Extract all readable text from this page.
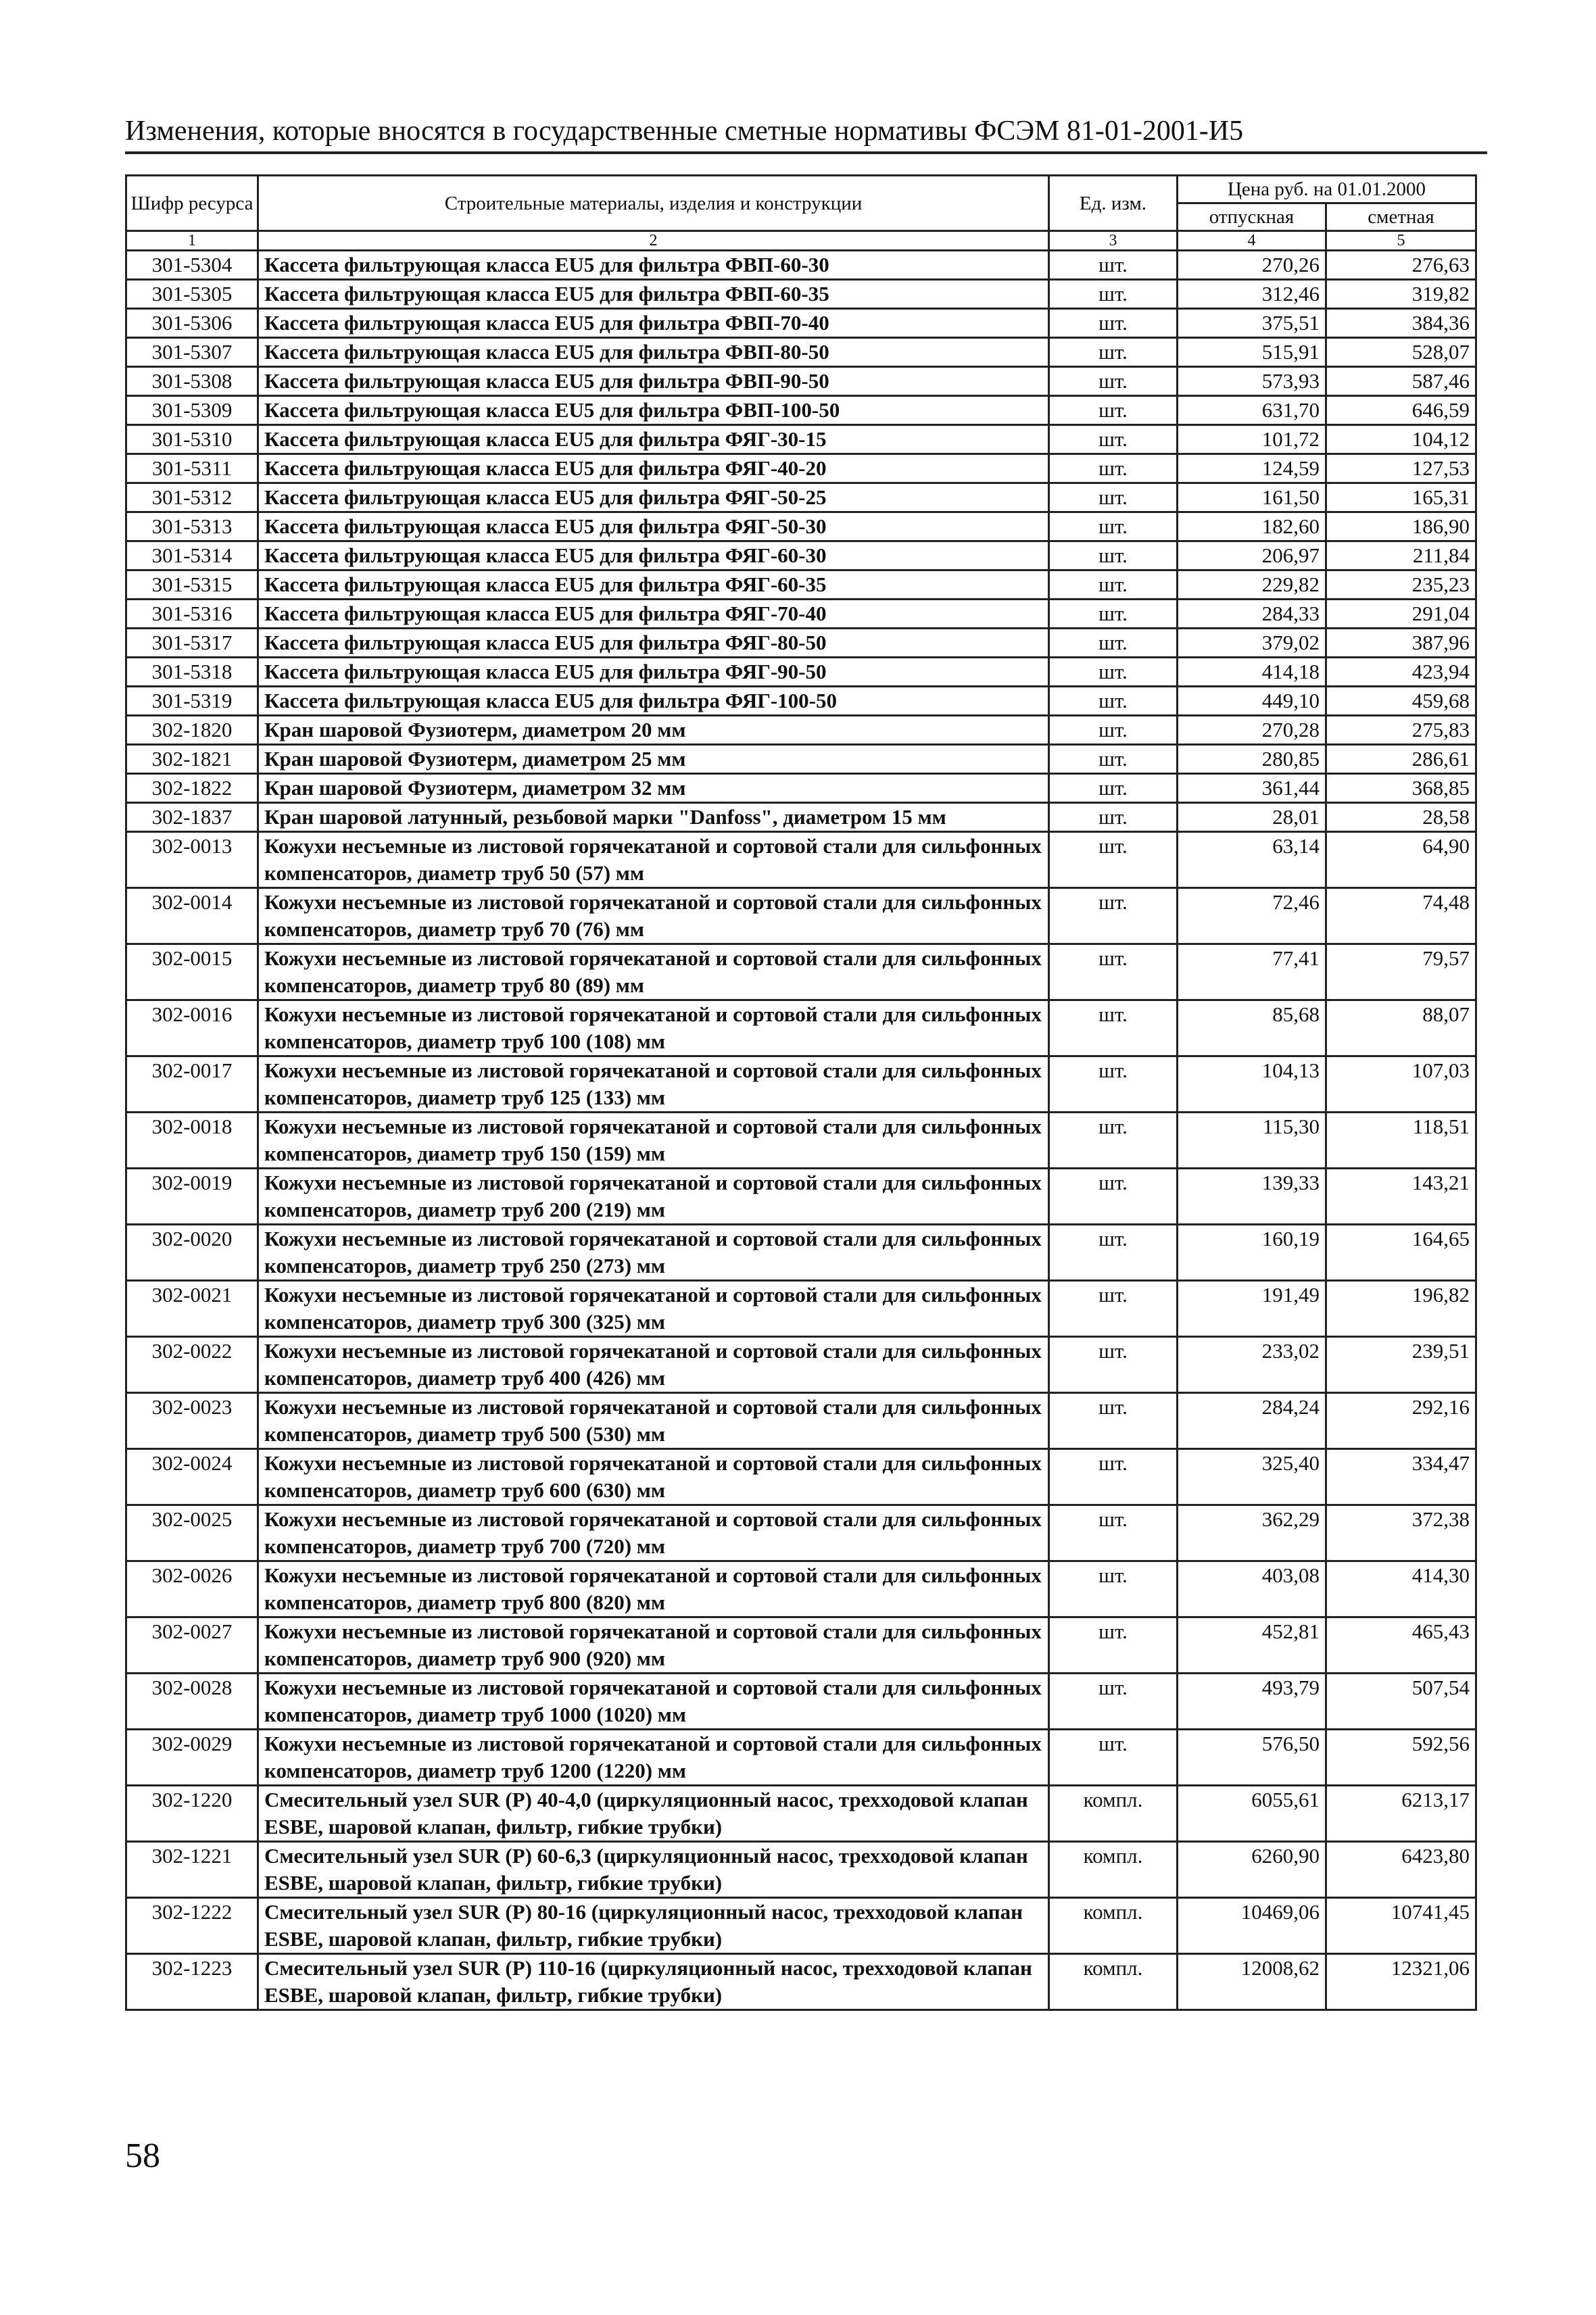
Изменения, которые вносятся в государственные сметные нормативы ФСЭМ 81-01-2001-И5
Шифр ресурса	Строительные материалы, изделия и конструкции	Ед. изм.	Цена руб. на 01.01.2000	
			отпускная	сметная
1	2	3	4	5
301-5304	Кассета фильтрующая класса EU5 для фильтра ФВП-60-30	шт.	270,26	276,63
301-5305	Кассета фильтрующая класса EU5 для фильтра ФВП-60-35	шт.	312,46	319,82
301-5306	Кассета фильтрующая класса EU5 для фильтра ФВП-70-40	шт.	375,51	384,36
301-5307	Кассета фильтрующая класса EU5 для фильтра ФВП-80-50	шт.	515,91	528,07
301-5308	Кассета фильтрующая класса EU5 для фильтра ФВП-90-50	шт.	573,93	587,46
301-5309	Кассета фильтрующая класса EU5 для фильтра ФВП-100-50	шт.	631,70	646,59
301-5310	Кассета фильтрующая класса EU5 для фильтра ФЯГ-30-15	шт.	101,72	104,12
301-5311	Кассета фильтрующая класса EU5 для фильтра ФЯГ-40-20	шт.	124,59	127,53
301-5312	Кассета фильтрующая класса EU5 для фильтра ФЯГ-50-25	шт.	161,50	165,31
301-5313	Кассета фильтрующая класса EU5 для фильтра ФЯГ-50-30	шт.	182,60	186,90
301-5314	Кассета фильтрующая класса EU5 для фильтра ФЯГ-60-30	шт.	206,97	211,84
301-5315	Кассета фильтрующая класса EU5 для фильтра ФЯГ-60-35	шт.	229,82	235,23
301-5316	Кассета фильтрующая класса EU5 для фильтра ФЯГ-70-40	шт.	284,33	291,04
301-5317	Кассета фильтрующая класса EU5 для фильтра ФЯГ-80-50	шт.	379,02	387,96
301-5318	Кассета фильтрующая класса EU5 для фильтра ФЯГ-90-50	шт.	414,18	423,94
301-5319	Кассета фильтрующая класса EU5 для фильтра ФЯГ-100-50	шт.	449,10	459,68
302-1820	Кран шаровой Фузиотерм, диаметром 20 мм	шт.	270,28	275,83
302-1821	Кран шаровой Фузиотерм, диаметром 25 мм	шт.	280,85	286,61
302-1822	Кран шаровой Фузиотерм, диаметром 32 мм	шт.	361,44	368,85
302-1837	Кран шаровой латунный, резьбовой марки "Danfoss", диаметром 15 мм	шт.	28,01	28,58
302-0013	Кожухи несъемные из листовой горячекатаной и сортовой стали для сильфонных компенсаторов, диаметр труб 50 (57) мм	шт.	63,14	64,90
302-0014	Кожухи несъемные из листовой горячекатаной и сортовой стали для сильфонных компенсаторов, диаметр труб 70 (76) мм	шт.	72,46	74,48
302-0015	Кожухи несъемные из листовой горячекатаной и сортовой стали для сильфонных компенсаторов, диаметр труб 80 (89) мм	шт.	77,41	79,57
302-0016	Кожухи несъемные из листовой горячекатаной и сортовой стали для сильфонных компенсаторов, диаметр труб 100 (108) мм	шт.	85,68	88,07
302-0017	Кожухи несъемные из листовой горячекатаной и сортовой стали для сильфонных компенсаторов, диаметр труб 125 (133) мм	шт.	104,13	107,03
302-0018	Кожухи несъемные из листовой горячекатаной и сортовой стали для сильфонных компенсаторов, диаметр труб 150 (159) мм	шт.	115,30	118,51
302-0019	Кожухи несъемные из листовой горячекатаной и сортовой стали для сильфонных компенсаторов, диаметр труб 200 (219) мм	шт.	139,33	143,21
302-0020	Кожухи несъемные из листовой горячекатаной и сортовой стали для сильфонных компенсаторов, диаметр труб 250 (273) мм	шт.	160,19	164,65
302-0021	Кожухи несъемные из листовой горячекатаной и сортовой стали для сильфонных компенсаторов, диаметр труб 300 (325) мм	шт.	191,49	196,82
302-0022	Кожухи несъемные из листовой горячекатаной и сортовой стали для сильфонных компенсаторов, диаметр труб 400 (426) мм	шт.	233,02	239,51
302-0023	Кожухи несъемные из листовой горячекатаной и сортовой стали для сильфонных компенсаторов, диаметр труб 500 (530) мм	шт.	284,24	292,16
302-0024	Кожухи несъемные из листовой горячекатаной и сортовой стали для сильфонных компенсаторов, диаметр труб 600 (630) мм	шт.	325,40	334,47
302-0025	Кожухи несъемные из листовой горячекатаной и сортовой стали для сильфонных компенсаторов, диаметр труб 700 (720) мм	шт.	362,29	372,38
302-0026	Кожухи несъемные из листовой горячекатаной и сортовой стали для сильфонных компенсаторов, диаметр труб 800 (820) мм	шт.	403,08	414,30
302-0027	Кожухи несъемные из листовой горячекатаной и сортовой стали для сильфонных компенсаторов, диаметр труб 900 (920) мм	шт.	452,81	465,43
302-0028	Кожухи несъемные из листовой горячекатаной и сортовой стали для сильфонных компенсаторов, диаметр труб 1000 (1020) мм	шт.	493,79	507,54
302-0029	Кожухи несъемные из листовой горячекатаной и сортовой стали для сильфонных компенсаторов, диаметр труб 1200 (1220) мм	шт.	576,50	592,56
302-1220	Смесительный узел SUR (P) 40-4,0 (циркуляционный насос, трехходовой клапан ESBE, шаровой клапан, фильтр, гибкие трубки)	компл.	6055,61	6213,17
302-1221	Смесительный узел SUR (P) 60-6,3 (циркуляционный насос, трехходовой клапан ESBE, шаровой клапан, фильтр, гибкие трубки)	компл.	6260,90	6423,80
302-1222	Смесительный узел SUR (P) 80-16 (циркуляционный насос, трехходовой клапан ESBE, шаровой клапан, фильтр, гибкие трубки)	компл.	10469,06	10741,45
302-1223	Смесительный узел SUR (P) 110-16 (циркуляционный насос, трехходовой клапан ESBE, шаровой клапан, фильтр, гибкие трубки)	компл.	12008,62	12321,06
58
